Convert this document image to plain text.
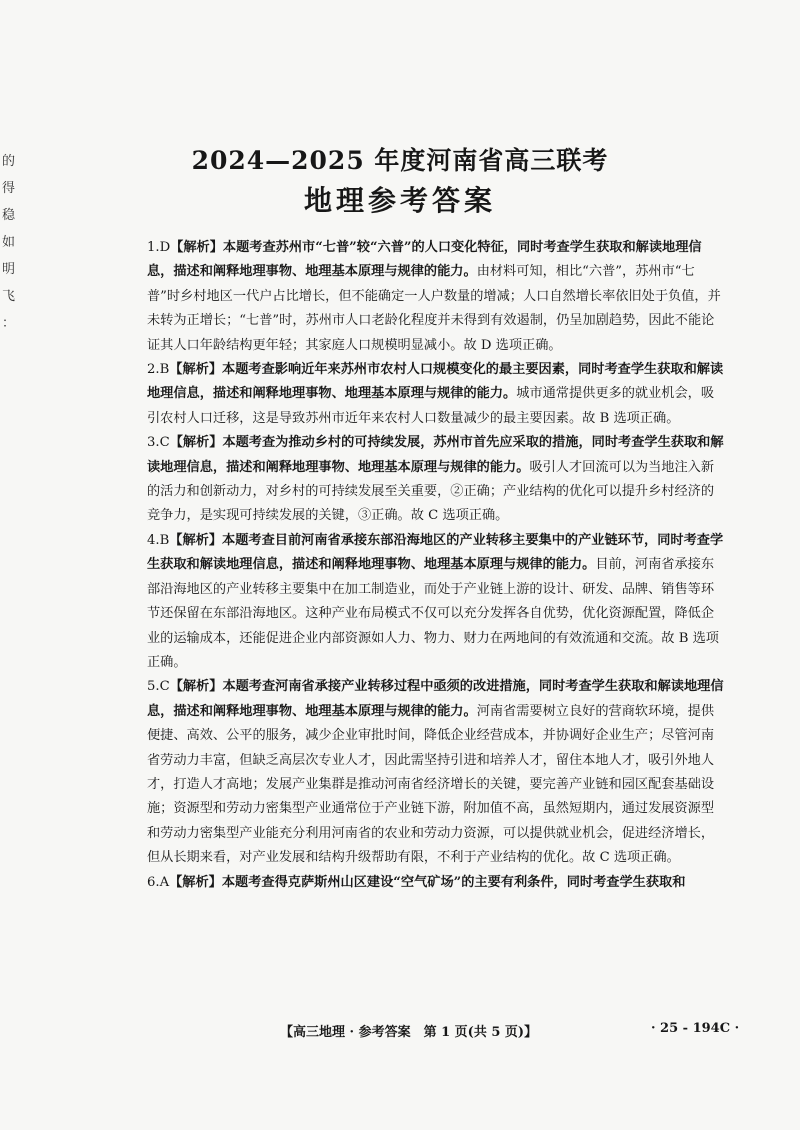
的
得
稳
如
明
飞
：
2024—2025 年度河南省高三联考
地理参考答案

1.D【解析】本题考查苏州市“七普”较“六普”的人口变化特征，同时考查学生获取和解读地理信息，描述和阐释地理事物、地理基本原理与规律的能力。由材料可知，相比“六普”，苏州市“七普”时乡村地区一代户占比增长，但不能确定一人户数量的增减；人口自然增长率依旧处于负值，并未转为正增长；“七普”时，苏州市人口老龄化程度并未得到有效遏制，仍呈加剧趋势，因此不能论证其人口年龄结构更年轻；其家庭人口规模明显减小。故 D 选项正确。

2.B【解析】本题考查影响近年来苏州市农村人口规模变化的最主要因素，同时考查学生获取和解读地理信息，描述和阐释地理事物、地理基本原理与规律的能力。城市通常提供更多的就业机会，吸引农村人口迁移，这是导致苏州市近年来农村人口数量减少的最主要因素。故 B 选项正确。

3.C【解析】本题考查为推动乡村的可持续发展，苏州市首先应采取的措施，同时考查学生获取和解读地理信息，描述和阐释地理事物、地理基本原理与规律的能力。吸引人才回流可以为当地注入新的活力和创新动力，对乡村的可持续发展至关重要，②正确；产业结构的优化可以提升乡村经济的竞争力，是实现可持续发展的关键，③正确。故 C 选项正确。

4.B【解析】本题考查目前河南省承接东部沿海地区的产业转移主要集中的产业链环节，同时考查学生获取和解读地理信息，描述和阐释地理事物、地理基本原理与规律的能力。目前，河南省承接东部沿海地区的产业转移主要集中在加工制造业，而处于产业链上游的设计、研发、品牌、销售等环节还保留在东部沿海地区。这种产业布局模式不仅可以充分发挥各自优势，优化资源配置，降低企业的运输成本，还能促进企业内部资源如人力、物力、财力在两地间的有效流通和交流。故 B 选项正确。

5.C【解析】本题考查河南省承接产业转移过程中亟须的改进措施，同时考查学生获取和解读地理信息，描述和阐释地理事物、地理基本原理与规律的能力。河南省需要树立良好的营商软环境，提供便捷、高效、公平的服务，减少企业审批时间，降低企业经营成本，并协调好企业生产；尽管河南省劳动力丰富，但缺乏高层次专业人才，因此需坚持引进和培养人才，留住本地人才，吸引外地人才，打造人才高地；发展产业集群是推动河南省经济增长的关键，要完善产业链和园区配套基础设施；资源型和劳动力密集型产业通常位于产业链下游，附加值不高，虽然短期内，通过发展资源型和劳动力密集型产业能充分利用河南省的农业和劳动力资源，可以提供就业机会，促进经济增长，但从长期来看，对产业发展和结构升级帮助有限，不利于产业结构的优化。故 C 选项正确。

6.A【解析】本题考查得克萨斯州山区建设“空气矿场”的主要有利条件，同时考查学生获取和

【高三地理 · 参考答案　第 1 页(共 5 页)】	· 25 - 194C ·
